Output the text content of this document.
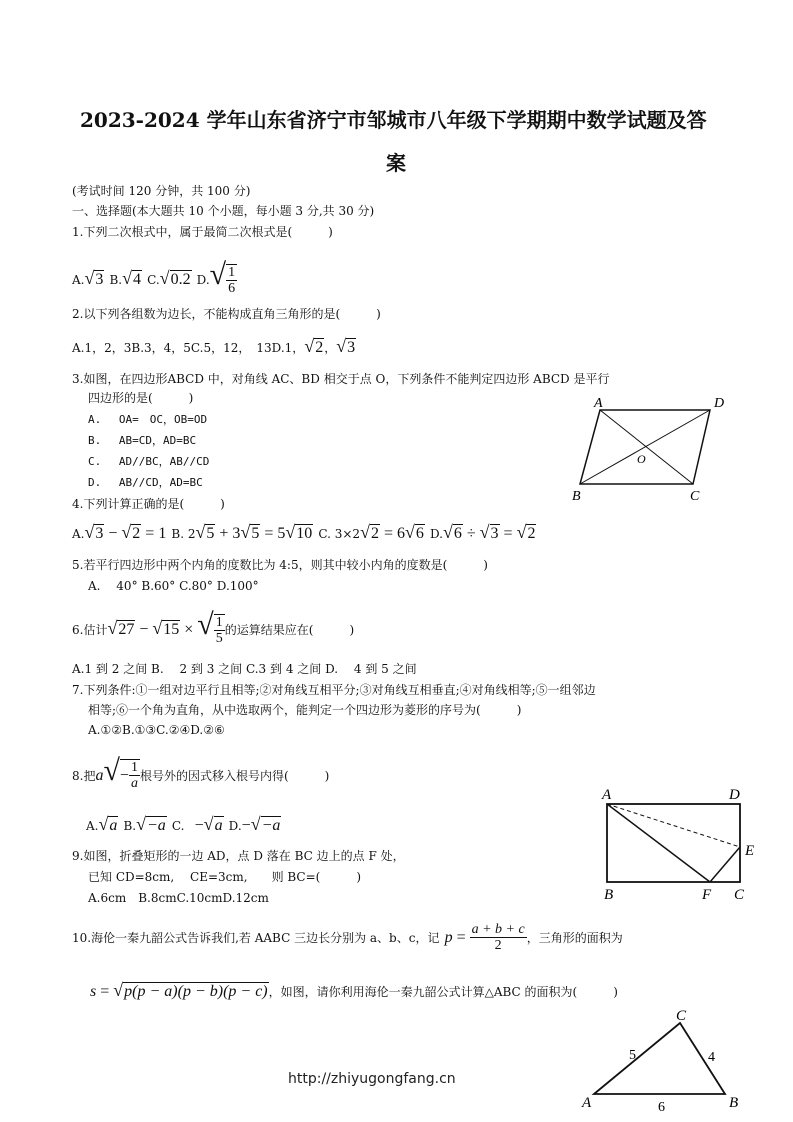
2023-2024 学年山东省济宁市邹城市八年级下学期期中数学试题及答
案
(考试时间 120 分钟，共 100 分)
一、选择题(本大题共 10 个小题，每小题 3 分,共 30 分)
1.下列二次根式中，属于最简二次根式是(　　　)
A.√3 B.√4 C.√0.2 $D.√ \frac{1}{6}$
2.以下列各组数为边长，不能构成直角三角形的是(　　　)
A.1，2，3B.3，4，5C.5，12，　13D.1，√2，√3
3.如图，在四边形ABCD 中，对角线 AC、BD 相交于点 O，下列条件不能判定四边形 ABCD 是平行
四边形的是(　　　)
A.　 OA=　OC，OB=OD
B.　 AB=CD，AD=BC
C.　 AD//BC，AB//CD
D.　 AB//CD，AD=BC
A	D
B	C
O
4.下列计算正确的是(　　　)
A.√3 − √2 = 1 B. 2√5 + 3√5 = 5√10 C. 3×2√2 = 6√6 D.√6 ÷ √3 = √2
5.若平行四边形中两个内角的度数比为 4:5，则其中较小内角的度数是(　　　)
A.　 40° B.60° C.80° D.100°
6.估计√27 − √15 × √ $\frac{1}{5}$ 的运算结果应在(　　　)
A.1 到 2 之间 B.　 2 到 3 之间 C.3 到 4 之间 D.　 4 到 5 之间
7.下列条件:①一组对边平行且相等;②对角线互相平分;③对角线互相垂直;④对角线相等;⑤一组邻边
相等;⑥一个角为直角，从中选取两个，能判定一个四边形为菱形的序号为(　　　)
A.①②B.①③C.②④D.②⑥
8.把$a√- \frac{1}{a}$ 根号外的因式移入根号内得(　　　)
A.√a B.√−a C. −√a D.−√−a
9.如图，折叠矩形的一边 AD，点 D 落在 BC 边上的点 F 处，
已知 CD=8cm,　 CE=3cm,　　则 BC=(　　　)
A.6cm　B.8cmC.10cmD.12cm
A	D
E
B	F C
10.海伦一秦九韶公式告诉我们,若 AABC 三边长分别为 a、b、c，记 $p = \frac{a + b + c}{2}$ ，三角形的面积为
s = √p(p − a)(p − b)(p − c)，如图，请你利用海伦一秦九韶公式计算△ABC 的面积为(　　　)
A
C
B
5	4
6
http://zhiyugongfang.cn
